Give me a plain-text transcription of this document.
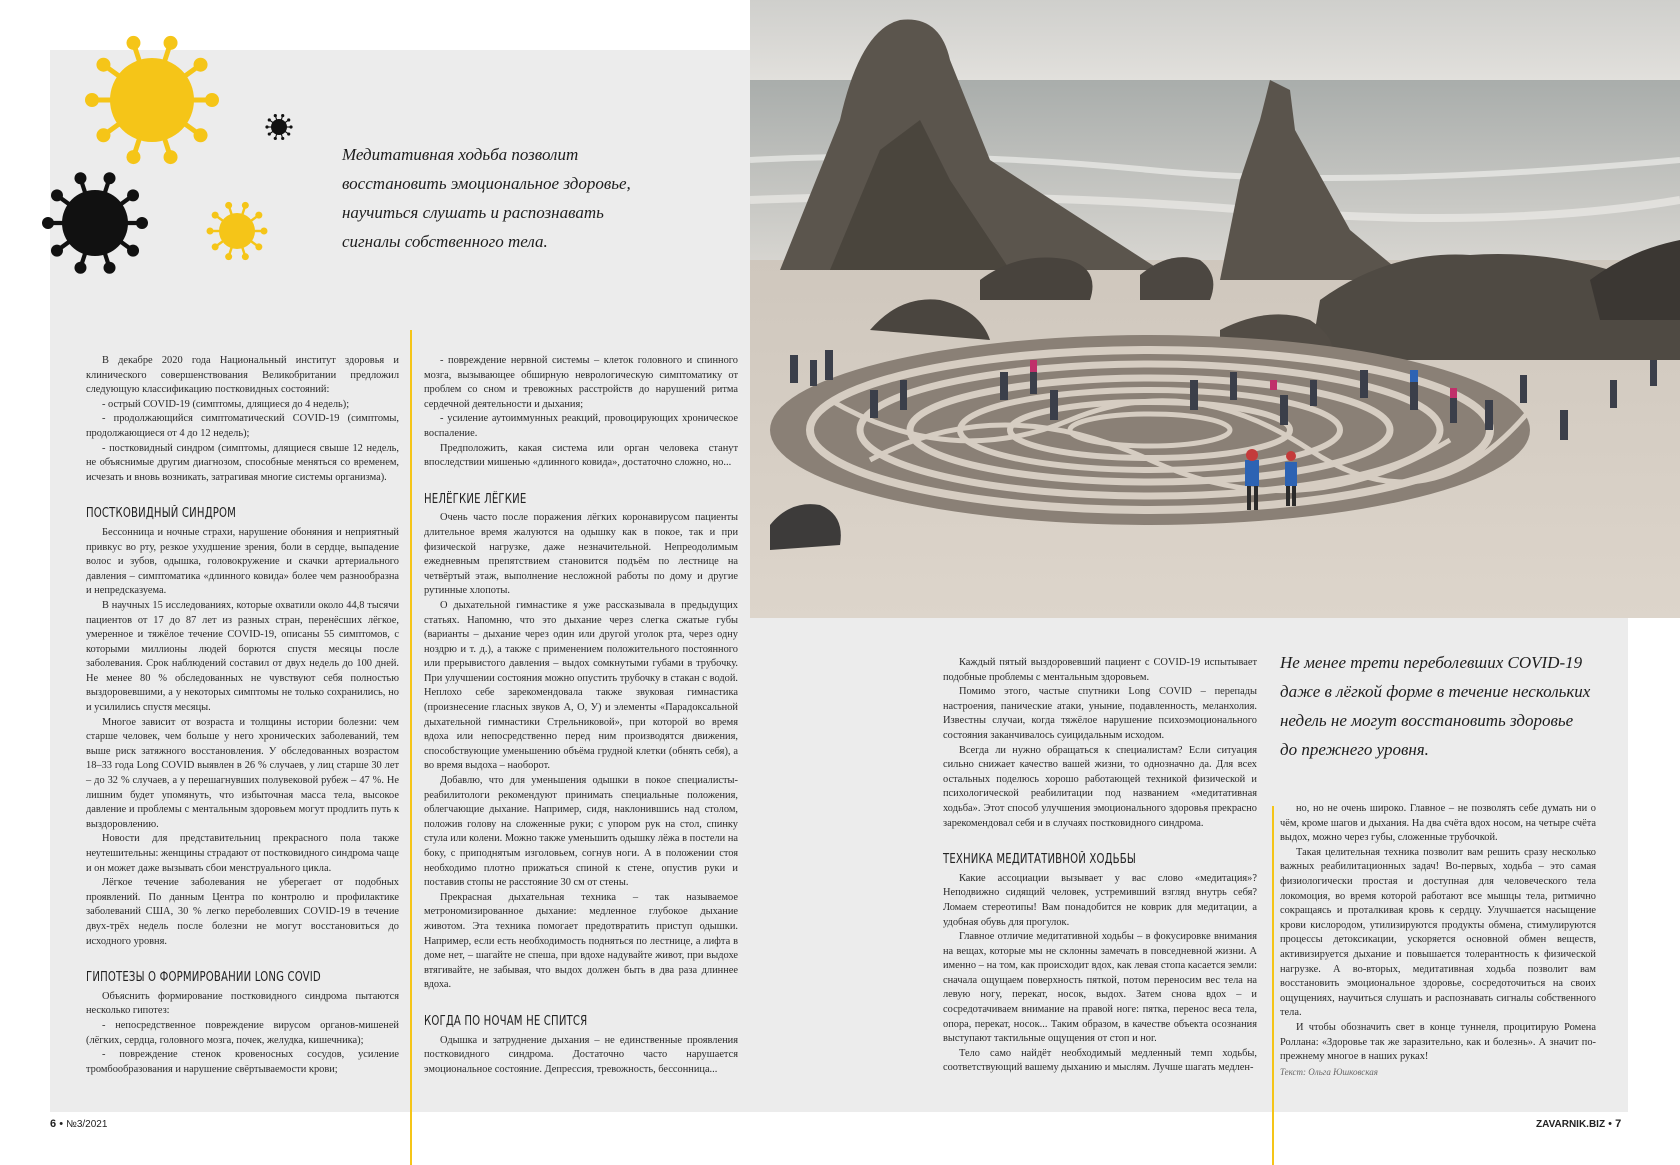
Медитативная ходьба позволит
восстановить эмоциональное здоровье,
научиться слушать и распознавать
сигналы собственного тела.
Не менее трети переболевших COVID-19
даже в лёгкой форме в течение нескольких
недель не могут восстановить здоровье
до прежнего уровня.

В декабре 2020 года Национальный институт здоровья и клинического совершенствования Великобритании предложил следующую классификацию постковидных состояний:

- острый COVID-19 (симптомы, длящиеся до 4 недель);

- продолжающийся симптоматический COVID-19 (симптомы, продолжающиеся от 4 до 12 недель);

- постковидный синдром (симптомы, длящиеся свыше 12 недель, не объяснимые другим диагнозом, способные меняться со временем, исчезать и вновь возникать, затрагивая многие системы организма).

ПОСТКОВИДНЫЙ СИНДРОМ

Бессонница и ночные страхи, нарушение обоняния и неприятный привкус во рту, резкое ухудшение зрения, боли в сердце, выпадение волос и зубов, одышка, головокружение и скачки артериального давления – симптоматика «длинного ковида» более чем разнообразна и непредсказуема.

В научных 15 исследованиях, которые охватили около 44,8 тысячи пациентов от 17 до 87 лет из разных стран, перенёсших лёгкое, умеренное и тяжёлое течение COVID-19, описаны 55 симптомов, с которыми миллионы людей борются спустя месяцы после заболевания. Срок наблюдений составил от двух недель до 100 дней. Не менее 80 % обследованных не чувствуют себя полностью выздоровевшими, а у некоторых симптомы не только сохранились, но и усилились спустя месяцы.

Многое зависит от возраста и толщины истории болезни: чем старше человек, чем больше у него хронических заболеваний, тем выше риск затяжного восстановления. У обследованных возрастом 18–33 года Long COVID выявлен в 26 % случаев, у лиц старше 30 лет – до 32 % случаев, а у перешагнувших полувековой рубеж – 47 %. Не лишним будет упомянуть, что избыточная масса тела, высокое давление и проблемы с ментальным здоровьем могут продлить путь к выздоровлению.

Новости для представительниц прекрасного пола также неутешительны: женщины страдают от постковидного синдрома чаще и он может даже вызывать сбои менструального цикла.

Лёгкое течение заболевания не уберегает от подобных проявлений. По данным Центра по контролю и профилактике заболеваний США, 30 % легко переболевших COVID-19 в течение двух-трёх недель после болезни не могут восстановиться до исходного уровня.

ГИПОТЕЗЫ О ФОРМИРОВАНИИ LONG COVID

Объяснить формирование постковидного синдрома пытаются несколько гипотез:

- непосредственное повреждение вирусом органов-мишеней (лёгких, сердца, головного мозга, почек, желудка, кишечника);

- повреждение стенок кровеносных сосудов, усиление тромбообразования и нарушение свёртываемости крови;

- повреждение нервной системы – клеток головного и спинного мозга, вызывающее обширную неврологическую симптоматику от проблем со сном и тревожных расстройств до нарушений ритма сердечной деятельности и дыхания;

- усиление аутоиммунных реакций, провоцирующих хроническое воспаление.

Предположить, какая система или орган человека станут впоследствии мишенью «длинного ковида», достаточно сложно, но...

НЕЛЁГКИЕ ЛЁГКИЕ

Очень часто после поражения лёгких коронавирусом пациенты длительное время жалуются на одышку как в покое, так и при физической нагрузке, даже незначительной. Непреодолимым ежедневным препятствием становится подъём по лестнице на четвёртый этаж, выполнение несложной работы по дому и другие рутинные хлопоты.

О дыхательной гимнастике я уже рассказывала в предыдущих статьях. Напомню, что это дыхание через слегка сжатые губы (варианты – дыхание через один или другой уголок рта, через одну ноздрю и т. д.), а также с применением положительного постоянного или прерывистого давления – выдох сомкнутыми губами в трубочку. При улучшении состояния можно опустить трубочку в стакан с водой. Неплохо себе зарекомендовала также звуковая гимнастика (произнесение гласных звуков А, О, У) и элементы «Парадоксальной дыхательной гимнастики Стрельниковой», при которой во время вдоха или непосредственно перед ним производятся движения, способствующие уменьшению объёма грудной клетки (обнять себя), а во время выдоха – наоборот.

Добавлю, что для уменьшения одышки в покое специалисты-реабилитологи рекомендуют принимать специальные положения, облегчающие дыхание. Например, сидя, наклонившись над столом, положив голову на сложенные руки; с упором рук на стол, спинку стула или колени. Можно также уменьшить одышку лёжа в постели на боку, с приподнятым изголовьем, согнув ноги. А в положении стоя необходимо плотно прижаться спиной к стене, опустив руки и поставив стопы не расстояние 30 см от стены.

Прекрасная дыхательная техника – так называемое метрономизированное дыхание: медленное глубокое дыхание животом. Эта техника помогает предотвратить приступ одышки. Например, если есть необходимость подняться по лестнице, а лифта в доме нет, – шагайте не спеша, при вдохе надувайте живот, при выдохе втягивайте, не забывая, что выдох должен быть в два раза длиннее вдоха.

КОГДА ПО НОЧАМ НЕ СПИТСЯ

Одышка и затруднение дыхания – не единственные проявления постковидного синдрома. Достаточно часто нарушается эмоциональное состояние. Депрессия, тревожность, бессонница...

Каждый пятый выздоровевший пациент с COVID-19 испытывает подобные проблемы с ментальным здоровьем.

Помимо этого, частые спутники Long COVID – перепады настроения, панические атаки, уныние, подавленность, меланхолия. Известны случаи, когда тяжёлое нарушение психоэмоционального состояния заканчивалось суицидальным исходом.

Всегда ли нужно обращаться к специалистам? Если ситуация сильно снижает качество вашей жизни, то однозначно да. Для всех остальных поделюсь хорошо работающей техникой физической и психологической реабилитации под названием «медитативная ходьба». Этот способ улучшения эмоционального здоровья прекрасно зарекомендовал себя и в случаях постковидного синдрома.

ТЕХНИКА МЕДИТАТИВНОЙ ХОДЬБЫ

Какие ассоциации вызывает у вас слово «медитация»? Неподвижно сидящий человек, устремивший взгляд внутрь себя? Ломаем стереотипы! Вам понадобится не коврик для медитации, а удобная обувь для прогулок.

Главное отличие медитативной ходьбы – в фокусировке внимания на вещах, которые мы не склонны замечать в повседневной жизни. А именно – на том, как происходит вдох, как левая стопа касается земли: сначала ощущаем поверхность пяткой, потом переносим вес тела на левую ногу, перекат, носок, выдох. Затем снова вдох – и сосредотачиваем внимание на правой ноге: пятка, перенос веса тела, опора, перекат, носок... Таким образом, в качестве объекта осознания выступают тактильные ощущения от стоп и ног.

Тело само найдёт необходимый медленный темп ходьбы, соответствующий вашему дыханию и мыслям. Лучше шагать медлен-

но, но не очень широко. Главное – не позволять себе думать ни о чём, кроме шагов и дыхания. На два счёта вдох носом, на четыре счёта выдох, можно через губы, сложенные трубочкой.

Такая целительная техника позволит вам решить сразу несколько важных реабилитационных задач! Во-первых, ходьба – это самая физиологически простая и доступная для человеческого тела локомоция, во время которой работают все мышцы тела, ритмично сокращаясь и проталкивая кровь к сердцу. Улучшается насыщение крови кислородом, утилизируются продукты обмена, стимулируются процессы детоксикации, ускоряется основной обмен веществ, активизируется дыхание и повышается толерантность к физической нагрузке. А во-вторых, медитативная ходьба позволит вам восстановить эмоциональное здоровье, сосредоточиться на своих ощущениях, научиться слушать и распознавать сигналы собственного тела.

И чтобы обозначить свет в конце туннеля, процитирую Ромена Роллана: «Здоровье так же заразительно, как и болезнь». А значит по-прежнему многое в наших руках!

Текст: Ольга Юшковская

6 • №3/2021	ZAVARNIK.BIZ • 7
